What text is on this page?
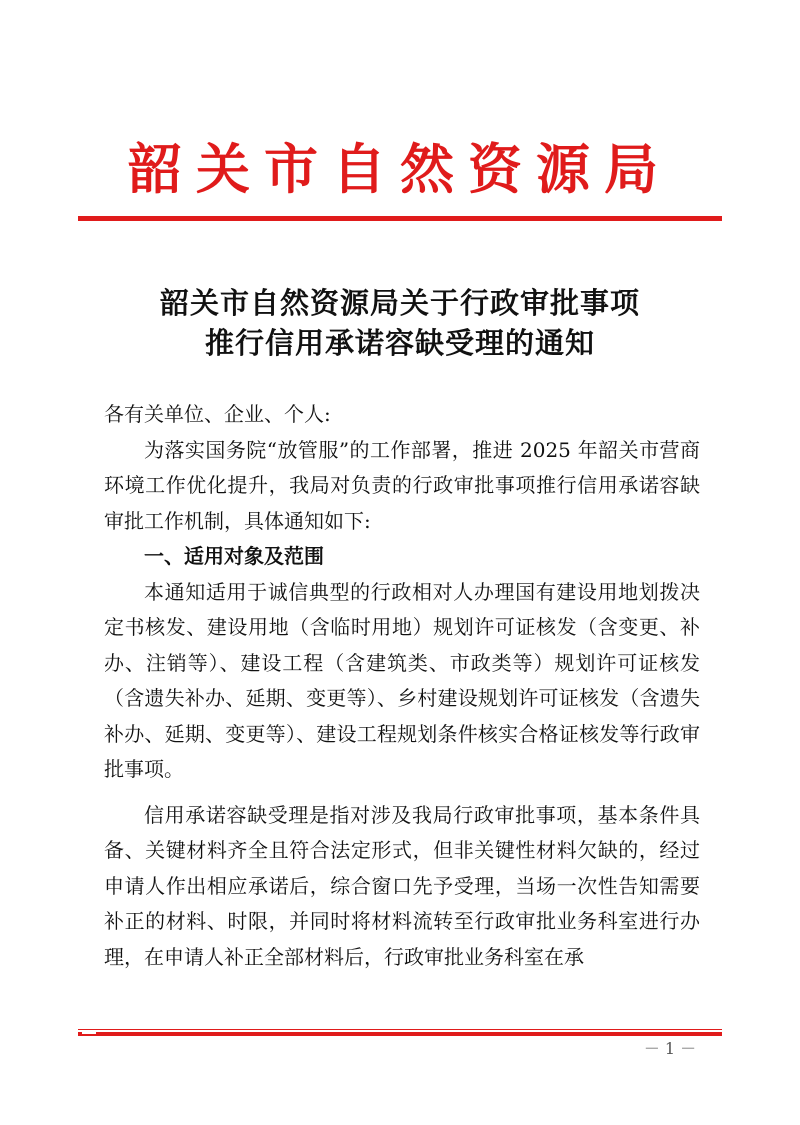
韶关市自然资源局
韶关市自然资源局关于行政审批事项
推行信用承诺容缺受理的通知

各有关单位、企业、个人:

为落实国务院“放管服”的工作部署，推进 2025 年韶关市营商环境工作优化提升，我局对负责的行政审批事项推行信用承诺容缺审批工作机制，具体通知如下:

一、适用对象及范围

本通知适用于诚信典型的行政相对人办理国有建设用地划拨决定书核发、建设用地（含临时用地）规划许可证核发（含变更、补办、注销等）、建设工程（含建筑类、市政类等）规划许可证核发（含遗失补办、延期、变更等）、乡村建设规划许可证核发（含遗失补办、延期、变更等）、建设工程规划条件核实合格证核发等行政审批事项。

信用承诺容缺受理是指对涉及我局行政审批事项，基本条件具备、关键材料齐全且符合法定形式，但非关键性材料欠缺的，经过申请人作出相应承诺后，综合窗口先予受理，当场一次性告知需要补正的材料、时限，并同时将材料流转至行政审批业务科室进行办理，在申请人补正全部材料后，行政审批业务科室在承

－ 1 －
